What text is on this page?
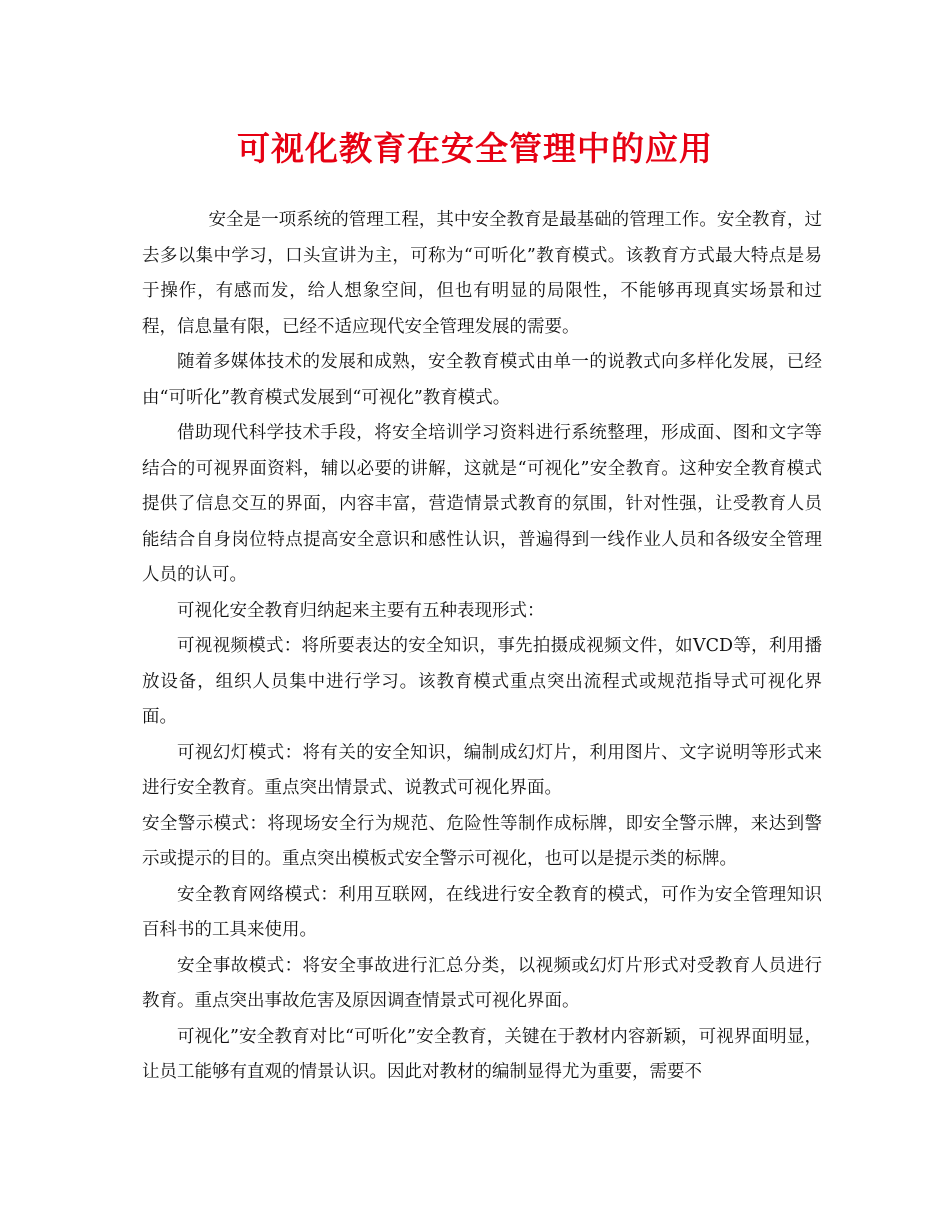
可视化教育在安全管理中的应用

安全是一项系统的管理工程，其中安全教育是最基础的管理工作。安全教育，过去多以集中学习，口头宣讲为主，可称为“可听化”教育模式。该教育方式最大特点是易于操作，有感而发，给人想象空间，但也有明显的局限性，不能够再现真实场景和过程，信息量有限，已经不适应现代安全管理发展的需要。

随着多媒体技术的发展和成熟，安全教育模式由单一的说教式向多样化发展，已经由“可听化”教育模式发展到“可视化”教育模式。

借助现代科学技术手段，将安全培训学习资料进行系统整理，形成面、图和文字等结合的可视界面资料，辅以必要的讲解，这就是“可视化”安全教育。这种安全教育模式提供了信息交互的界面，内容丰富，营造情景式教育的氛围，针对性强，让受教育人员能结合自身岗位特点提高安全意识和感性认识，普遍得到一线作业人员和各级安全管理人员的认可。

可视化安全教育归纳起来主要有五种表现形式：

可视视频模式：将所要表达的安全知识，事先拍摄成视频文件，如VCD等，利用播放设备，组织人员集中进行学习。该教育模式重点突出流程式或规范指导式可视化界面。

可视幻灯模式：将有关的安全知识，编制成幻灯片，利用图片、文字说明等形式来进行安全教育。重点突出情景式、说教式可视化界面。

安全警示模式：将现场安全行为规范、危险性等制作成标牌，即安全警示牌，来达到警示或提示的目的。重点突出模板式安全警示可视化，也可以是提示类的标牌。

安全教育网络模式：利用互联网，在线进行安全教育的模式，可作为安全管理知识百科书的工具来使用。

安全事故模式：将安全事故进行汇总分类，以视频或幻灯片形式对受教育人员进行教育。重点突出事故危害及原因调查情景式可视化界面。

可视化”安全教育对比“可听化”安全教育，关键在于教材内容新颖，可视界面明显，让员工能够有直观的情景认识。因此对教材的编制显得尤为重要，需要不
